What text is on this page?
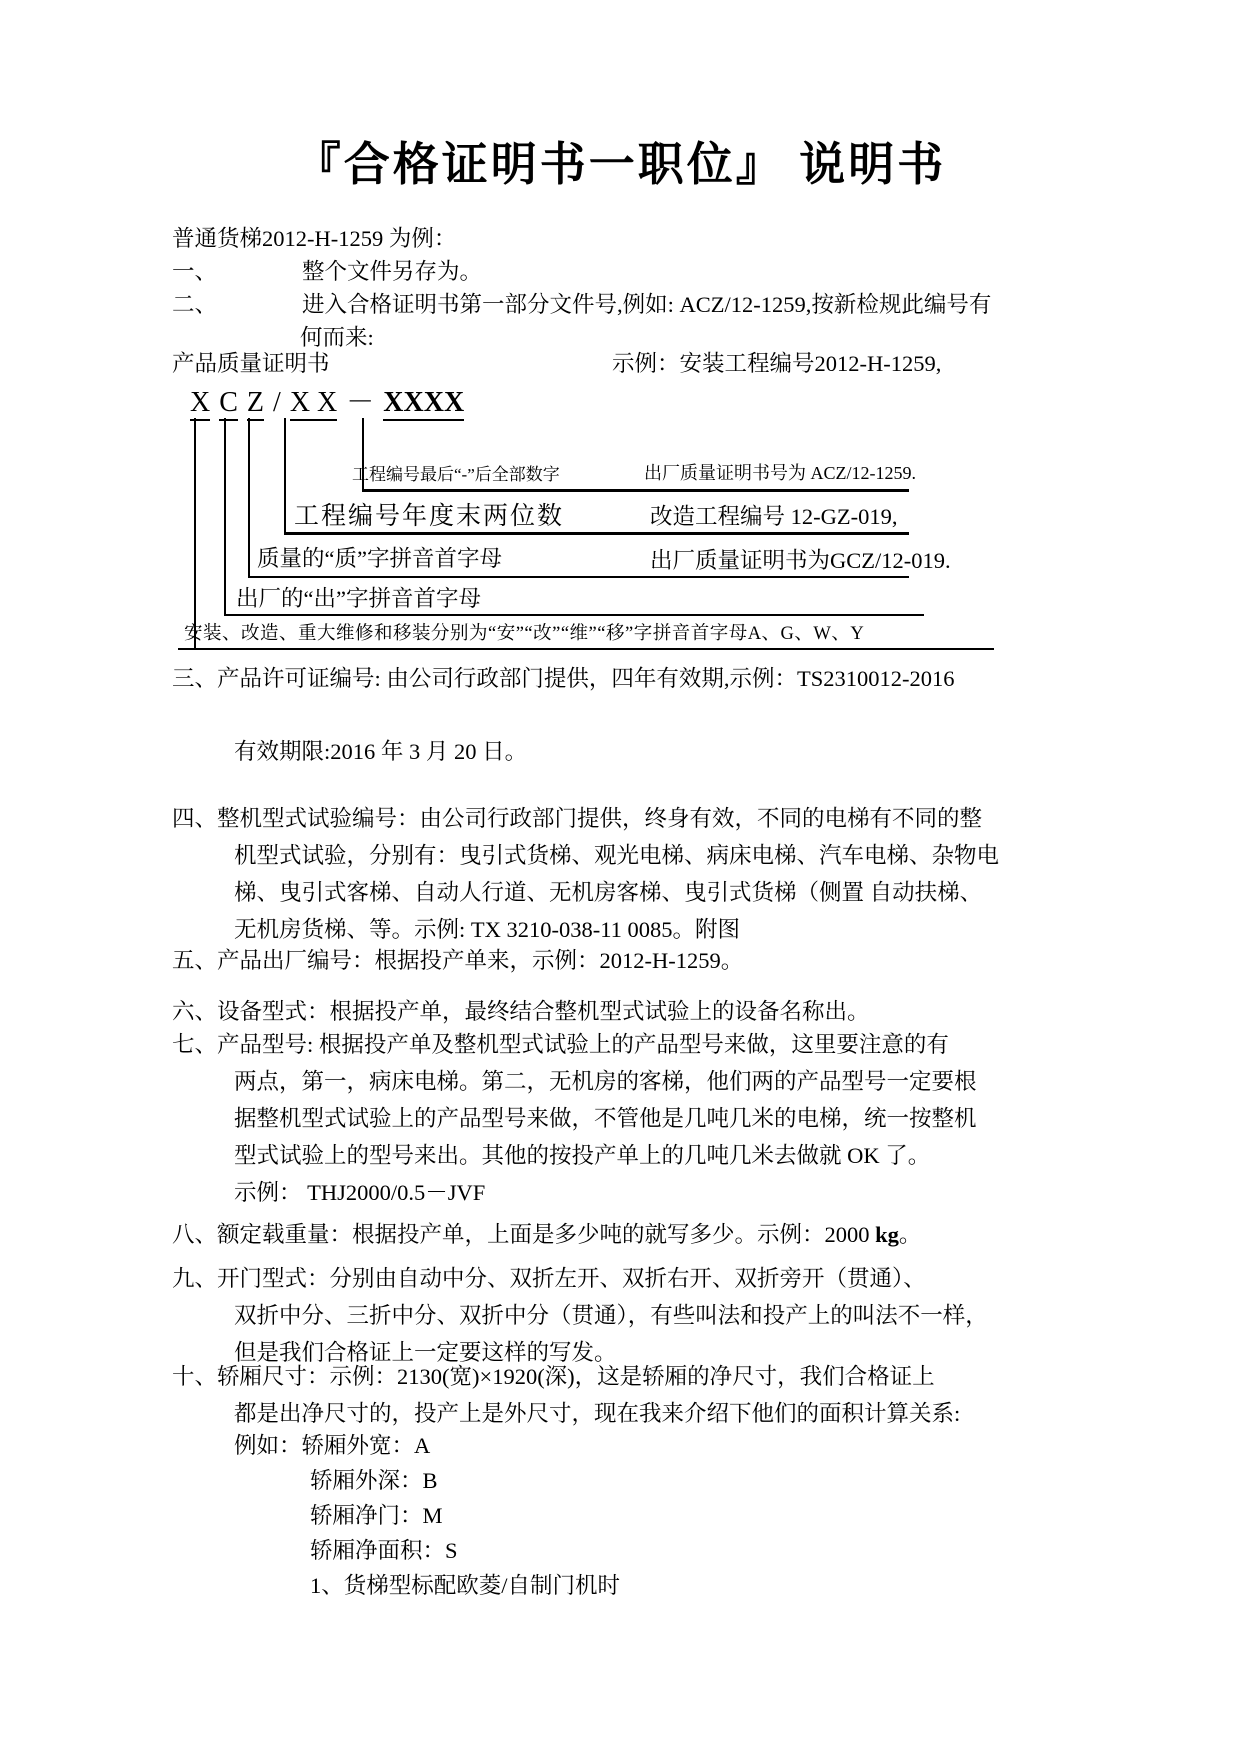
『合格证明书一职位』 说明书
普通货梯2012-H-1259 为例：
一、	整个文件另存为。
二、	进入合格证明书第一部分文件号,例如: ACZ/12-1259,按新检规此编号有
何而来:
产品质量证明书	示例：安装工程编号2012-H-1259,
X C Z / X X － XXXX
工程编号最后“-”后全部数字	出厂质量证明书号为 ACZ/12-1259.
工程编号年度末两位数	改造工程编号 12-GZ-019,
质量的“质”字拼音首字母	出厂质量证明书为GCZ/12-019.
出厂的“出”字拼音首字母
安装、改造、重大维修和移装分别为“安”“改”“维”“移”字拼音首字母A、G、W、Y
三、产品许可证编号: 由公司行政部门提供，四年有效期,示例：TS2310012-2016
有效期限:2016 年 3 月 20 日。
四、整机型式试验编号：由公司行政部门提供，终身有效，不同的电梯有不同的整
机型式试验，分别有：曳引式货梯、观光电梯、病床电梯、汽车电梯、杂物电
梯、曳引式客梯、自动人行道、无机房客梯、曳引式货梯（侧置 自动扶梯、
无机房货梯、等。示例: TX 3210-038-11 0085。附图
五、产品出厂编号：根据投产单来，示例：2012-H-1259。
六、设备型式：根据投产单，最终结合整机型式试验上的设备名称出。
七、产品型号: 根据投产单及整机型式试验上的产品型号来做，这里要注意的有
两点，第一，病床电梯。第二，无机房的客梯，他们两的产品型号一定要根
据整机型式试验上的产品型号来做，不管他是几吨几米的电梯，统一按整机
型式试验上的型号来出。其他的按投产单上的几吨几米去做就 OK 了。
示例： THJ2000/0.5－JVF
八、额定载重量：根据投产单，上面是多少吨的就写多少。示例：2000 kg。
九、开门型式：分别由自动中分、双折左开、双折右开、双折旁开（贯通）、
双折中分、三折中分、双折中分（贯通），有些叫法和投产上的叫法不一样，
但是我们合格证上一定要这样的写发。
十、轿厢尺寸：示例：2130(宽)×1920(深)，这是轿厢的净尺寸，我们合格证上
都是出净尺寸的，投产上是外尺寸，现在我来介绍下他们的面积计算关系:
例如：轿厢外宽：A
轿厢外深：B
轿厢净门：M
轿厢净面积：S
1、货梯型标配欧菱/自制门机时
